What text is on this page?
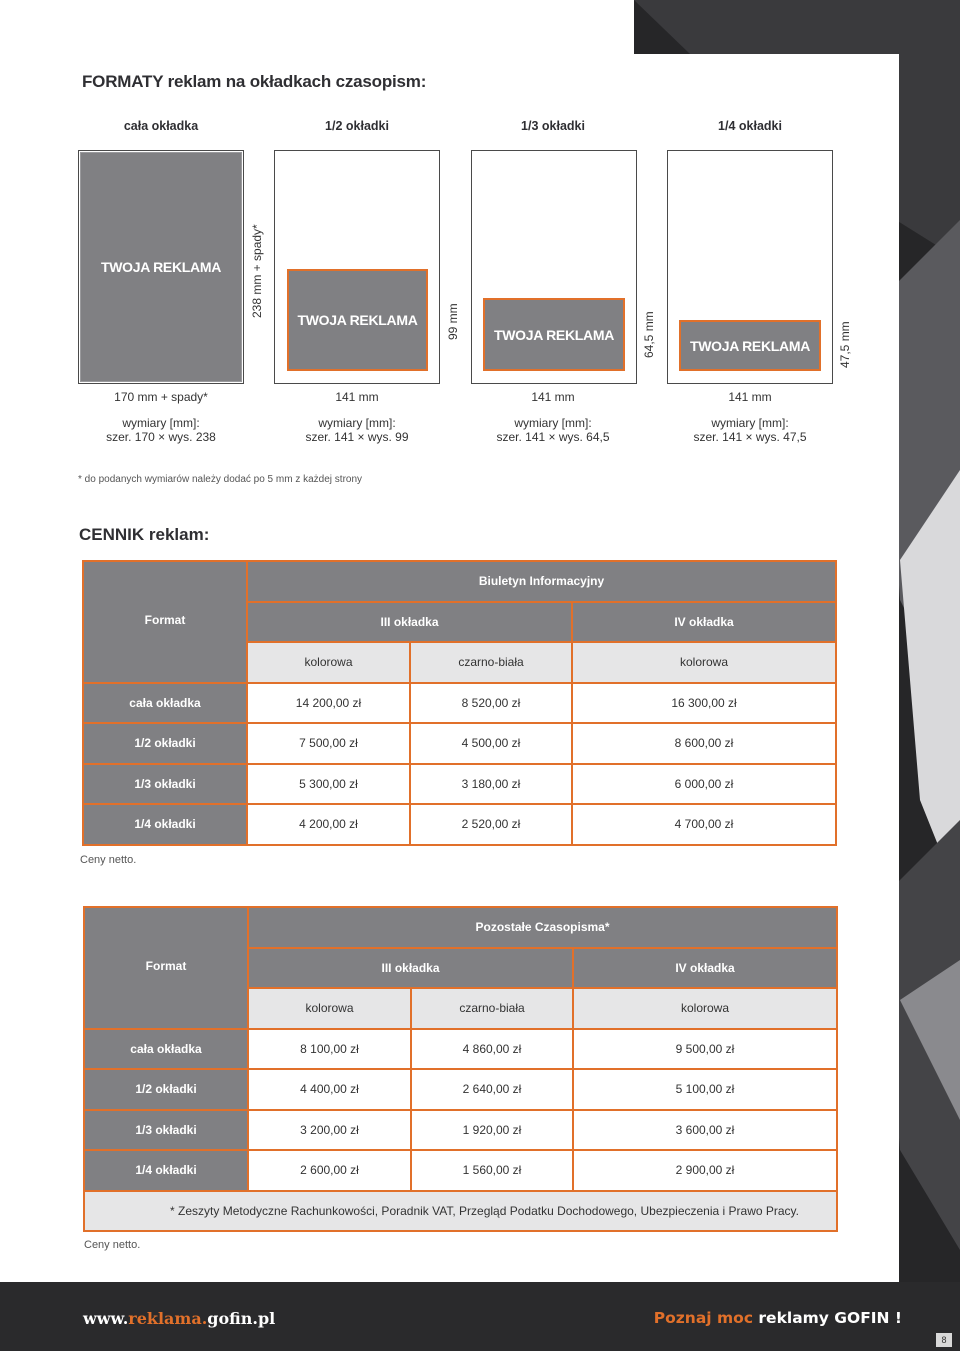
FORMATY reklam na okładkach czasopism:
cała okładka	1/2 okładki	1/3 okładki	1/4 okładki
TWOJA REKLAMA	238 mm + spady*
TWOJA REKLAMA	99 mm	TWOJA REKLAMA	64,5 mm	TWOJA REKLAMA	47,5 mm
170 mm + spady*	141 mm	141 mm	141 mm
wymiary [mm]:
szer. 170 × wys. 238
wymiary [mm]:
szer. 141 × wys. 99
wymiary [mm]:
szer. 141 × wys. 64,5
wymiary [mm]:
szer. 141 × wys. 47,5
* do podanych wymiarów należy dodać po 5 mm z każdej strony
CENNIK reklam:
Format	Biuletyn Informacyjny		
	III okładka		IV okładka
	kolorowa	czarno-biała	kolorowa
cała okładka	14 200,00 zł	8 520,00 zł	16 300,00 zł
1/2 okładki	7 500,00 zł	4 500,00 zł	8 600,00 zł
1/3 okładki	5 300,00 zł	3 180,00 zł	6 000,00 zł
1/4 okładki	4 200,00 zł	2 520,00 zł	4 700,00 zł
Ceny netto.
Format	Pozostałe Czasopisma*		
	III okładka		IV okładka
	kolorowa	czarno-biała	kolorowa
cała okładka	8 100,00 zł	4 860,00 zł	9 500,00 zł
1/2 okładki	4 400,00 zł	2 640,00 zł	5 100,00 zł
1/3 okładki	3 200,00 zł	1 920,00 zł	3 600,00 zł
1/4 okładki	2 600,00 zł	1 560,00 zł	2 900,00 zł
* Zeszyty Metodyczne Rachunkowości, Poradnik VAT, Przegląd Podatku Dochodowego, Ubezpieczenia i Prawo Pracy.			
Ceny netto.
www.reklama.gofin.pl	Poznaj moc reklamy GOFIN !
8
